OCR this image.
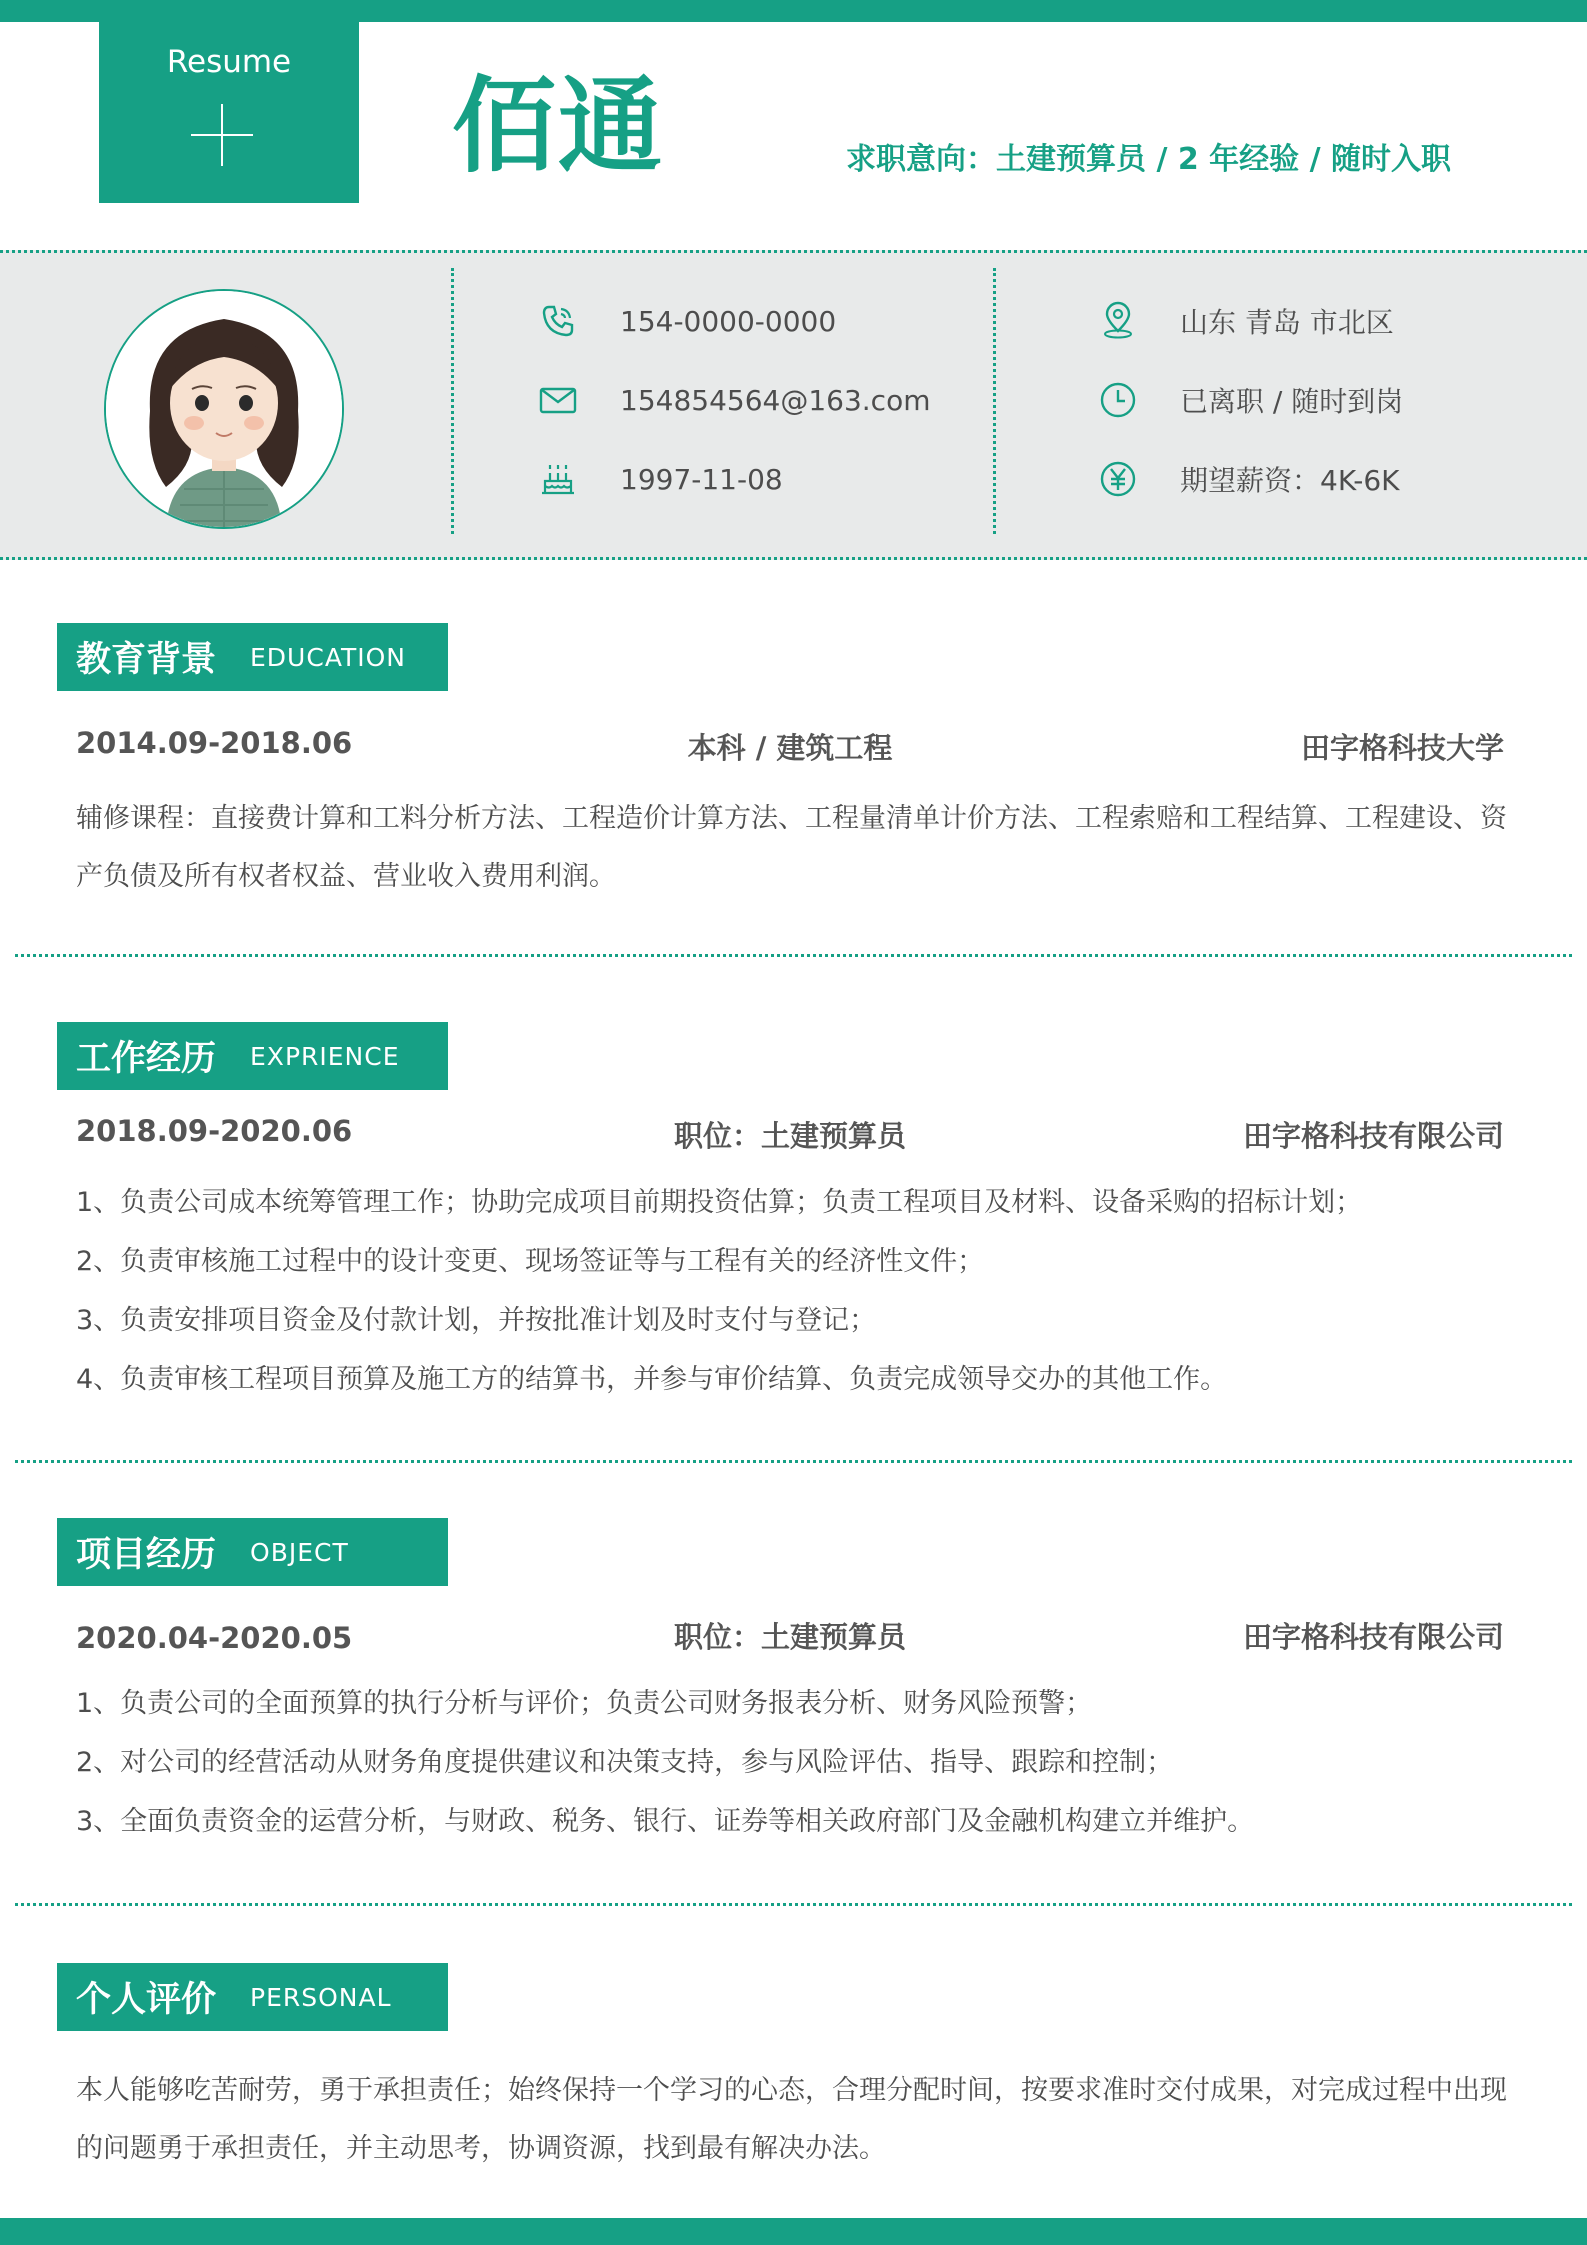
Resume
佰通	求职意向：土建预算员 / 2 年经验 / 随时入职
154-0000-0000
154854564@163.com
1997-11-08
山东 青岛 市北区
已离职 / 随时到岗
期望薪资：4K-6K
教育背景 EDUCATION
2014.09-2018.06	本科 / 建筑工程	田字格科技大学
辅修课程：直接费计算和工料分析方法、工程造价计算方法、工程量清单计价方法、工程索赔和工程结算、工程建设、资产负债及所有权者权益、营业收入费用利润。
工作经历 EXPRIENCE
2018.09-2020.06	职位：土建预算员	田字格科技有限公司
1、负责公司成本统筹管理工作；协助完成项目前期投资估算；负责工程项目及材料、设备采购的招标计划；
2、负责审核施工过程中的设计变更、现场签证等与工程有关的经济性文件；
3、负责安排项目资金及付款计划，并按批准计划及时支付与登记；
4、负责审核工程项目预算及施工方的结算书，并参与审价结算、负责完成领导交办的其他工作。
项目经历 OBJECT
2020.04-2020.05	职位：土建预算员	田字格科技有限公司
1、负责公司的全面预算的执行分析与评价；负责公司财务报表分析、财务风险预警；
2、对公司的经营活动从财务角度提供建议和决策支持，参与风险评估、指导、跟踪和控制；
3、全面负责资金的运营分析，与财政、税务、银行、证券等相关政府部门及金融机构建立并维护。
个人评价 PERSONAL
本人能够吃苦耐劳，勇于承担责任；始终保持一个学习的心态，合理分配时间，按要求准时交付成果，对完成过程中出现的问题勇于承担责任，并主动思考，协调资源，找到最有解决办法。
